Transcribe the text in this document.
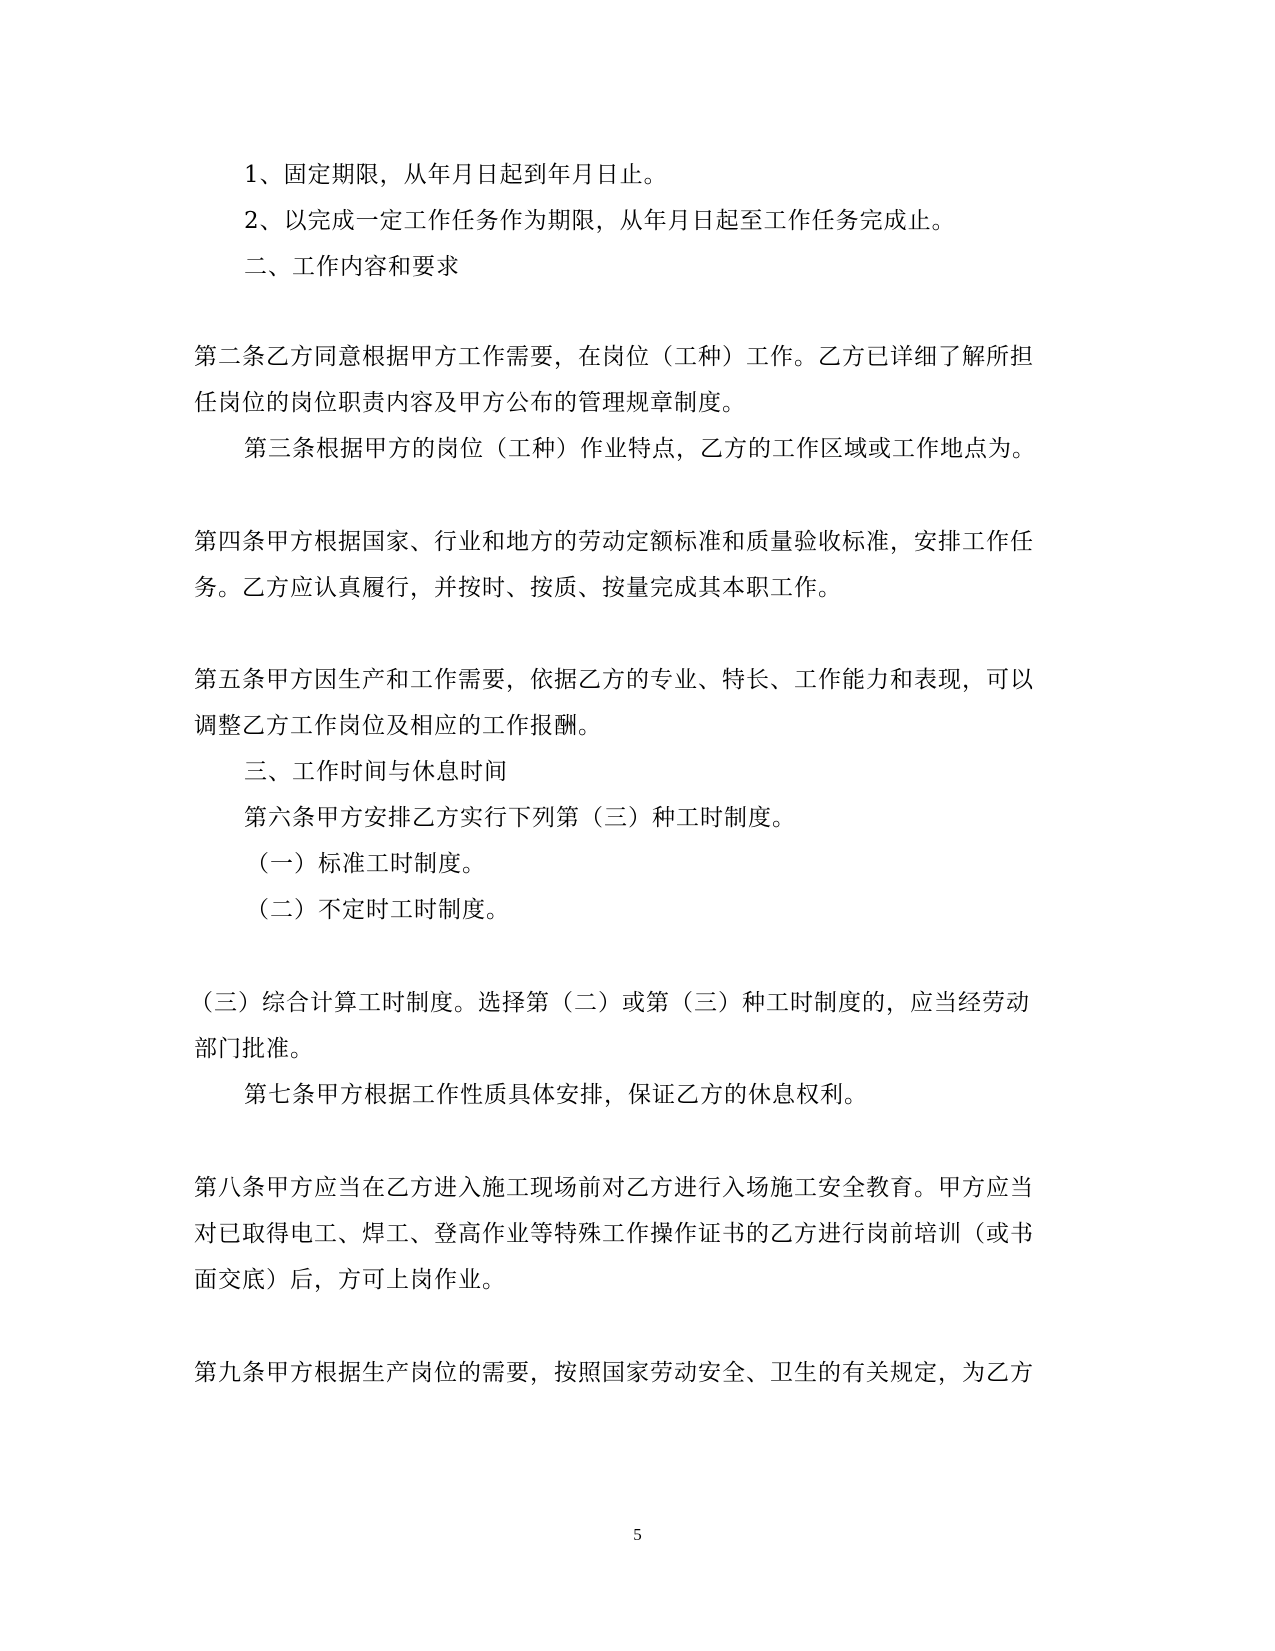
1、固定期限，从年月日起到年月日止。
2、以完成一定工作任务作为期限，从年月日起至工作任务完成止。
二、工作内容和要求
第二条乙方同意根据甲方工作需要，在岗位（工种）工作。乙方已详细了解所担
任岗位的岗位职责内容及甲方公布的管理规章制度。
第三条根据甲方的岗位（工种）作业特点，乙方的工作区域或工作地点为。
第四条甲方根据国家、行业和地方的劳动定额标准和质量验收标准，安排工作任
务。乙方应认真履行，并按时、按质、按量完成其本职工作。
第五条甲方因生产和工作需要，依据乙方的专业、特长、工作能力和表现，可以
调整乙方工作岗位及相应的工作报酬。
三、工作时间与休息时间
第六条甲方安排乙方实行下列第（三）种工时制度。
（一）标准工时制度。
（二）不定时工时制度。
（三）综合计算工时制度。选择第（二）或第（三）种工时制度的，应当经劳动
部门批准。
第七条甲方根据工作性质具体安排，保证乙方的休息权利。
第八条甲方应当在乙方进入施工现场前对乙方进行入场施工安全教育。甲方应当
对已取得电工、焊工、登高作业等特殊工作操作证书的乙方进行岗前培训（或书
面交底）后，方可上岗作业。
第九条甲方根据生产岗位的需要，按照国家劳动安全、卫生的有关规定，为乙方
5
